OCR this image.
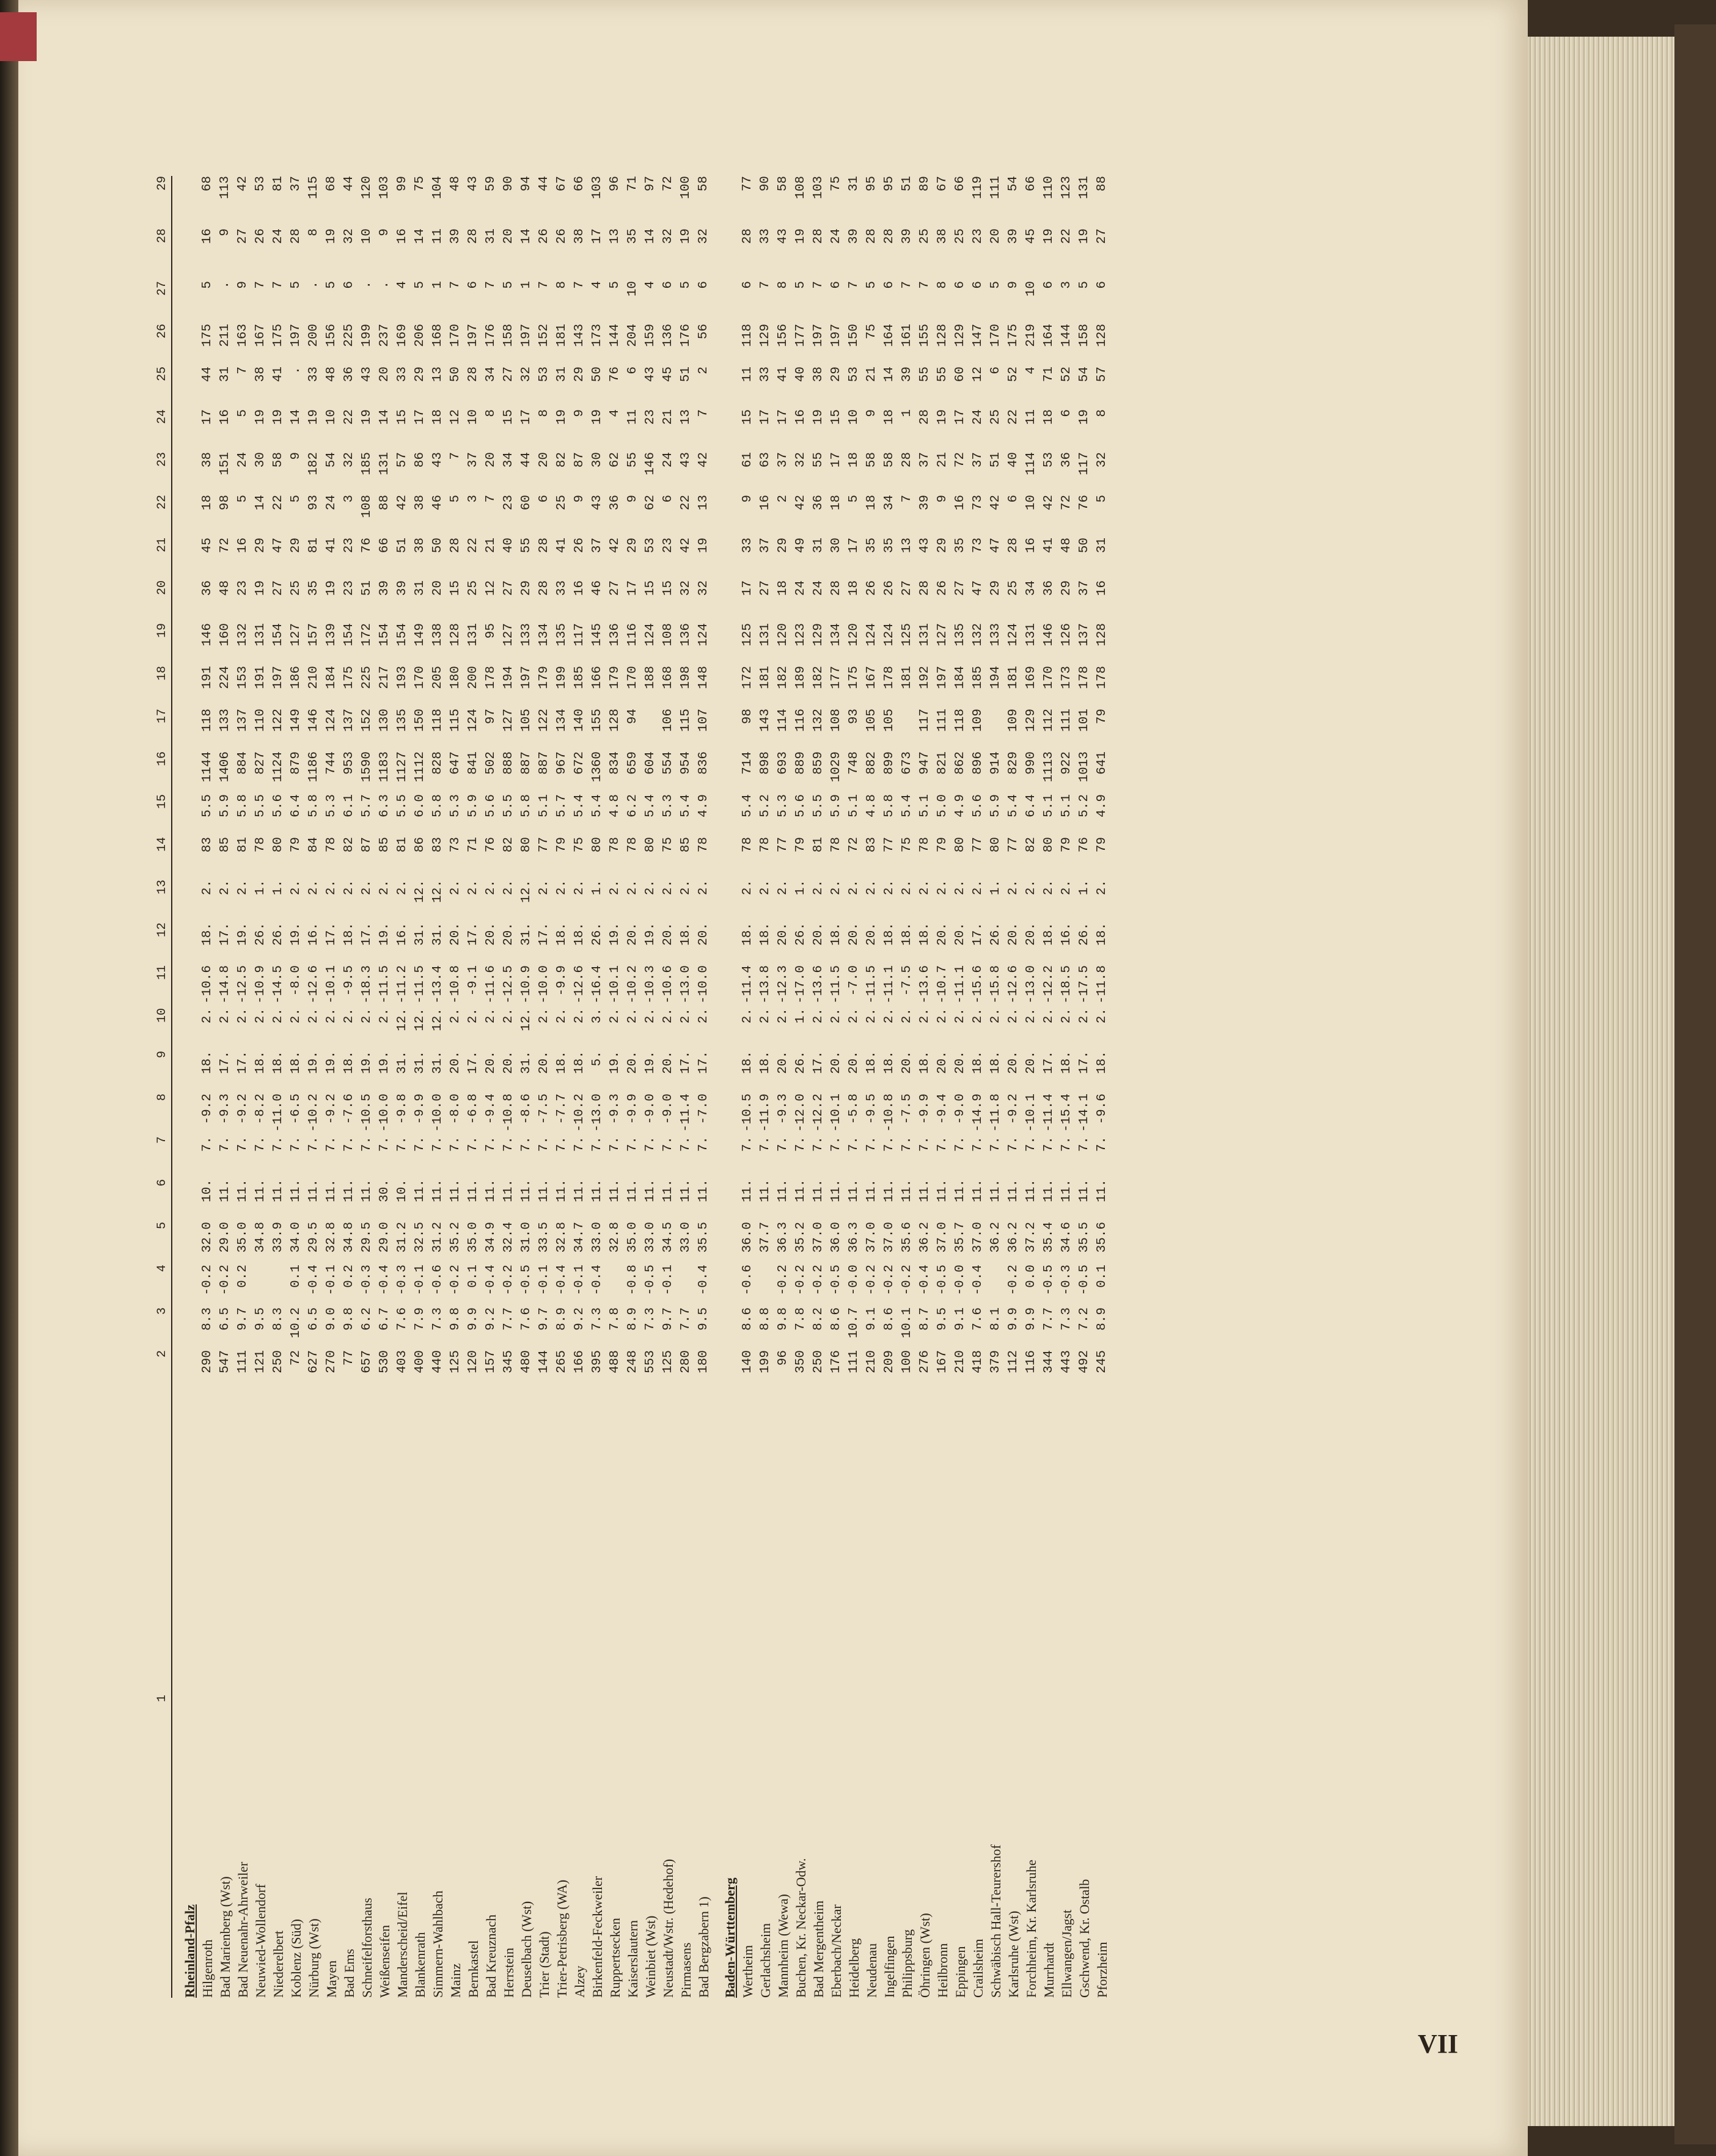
1	2	3	4	5	6	7	8	9	10	11	12	13	14	15	16	17	18	19	20	21	22	23	24	25	26	27	28	29
Rheinland-Pfalz																												
Hilgenroth	290	8.3	-0.2	32.0	10.	7.	-9.2	18.	2.	-10.6	18.	2.	83	5.5	1144	118	191	146	36	45	18	38	17	44	175	5	16	68
Bad Marienberg (Wst)	547	6.5	-0.2	29.0	11.	7.	-9.3	17.	2.	-14.8	17.	2.	85	5.9	1406	133	224	160	48	72	98	151	16	31	211	.	9	113
Bad Neuenahr-Ahrweiler	111	9.7	0.2	35.0	11.	7.	-9.2	17.	2.	-12.5	19.	2.	81	5.8	884	137	153	132	23	16	5	24	5	7	163	9	27	42
Neuwied-Wollendorf	121	9.5		34.8	11.	7.	-8.2	18.	2.	-10.9	26.	1.	78	5.5	827	110	191	131	19	29	14	30	19	38	167	7	26	53
Niederelbert	250	8.3		33.9	11.	7.	-11.0	18.	2.	-14.5	26.	1.	80	5.6	1124	122	197	154	27	47	22	58	19	41	175	7	24	81
Koblenz (Süd)	72	10.2	0.1	34.0	11.	7.	-6.5	18.	2.	-8.0	19.	2.	79	6.4	879	149	186	127	25	29	5	9	14	.	197	5	28	37
Nürburg (Wst)	627	6.5	-0.4	29.5	11.	7.	-10.2	19.	2.	-12.6	16.	2.	84	5.8	1186	146	210	157	35	81	93	182	19	33	200	.	8	115
Mayen	270	9.0	-0.1	32.8	11.	7.	-9.2	19.	2.	-10.1	17.	2.	78	5.3	744	124	184	139	19	41	24	54	10	48	156	5	19	68
Bad Ems	77	9.8	0.2	34.8	11.	7.	-7.6	18.	2.	-9.5	18.	2.	82	6.1	953	137	175	154	23	23	3	32	22	36	225	6	32	44
Schneifelforsthaus	657	6.2	-0.3	29.5	11.	7.	-10.5	19.	2.	-18.3	17.	2.	87	5.7	1590	152	225	172	51	76	108	185	19	43	199	.	10	120
Weißenseifen	530	6.7	-0.4	29.0	30.	7.	-10.0	19.	2.	-11.5	19.	2.	85	6.3	1183	130	217	154	39	66	88	131	14	20	237	.	9	103
Manderscheid/Eifel	403	7.6	-0.3	31.2	10.	7.	-9.8	31.	12.	-11.2	16.	2.	81	5.5	1127	135	193	154	39	51	42	57	15	33	169	4	16	99
Blankenrath	400	7.9	-0.1	32.5	11.	7.	-9.9	31.	12.	-11.5	31.	12.	86	6.0	1112	150	170	149	31	38	38	86	17	29	206	5	14	75
Simmern-Wahlbach	440	7.3	-0.6	31.2	11.	7.	-10.0	31.	12.	-13.4	31.	12.	83	5.8	828	118	205	138	20	50	46	43	18	13	168	1	11	104
Mainz	125	9.8	-0.2	35.2	11.	7.	-8.0	20.	2.	-10.8	20.	2.	73	5.3	647	115	180	128	15	28	5	7	12	50	170	7	39	48
Bernkastel	120	9.9	0.1	35.0	11.	7.	-6.8	17.	2.	-9.1	17.	2.	71	5.9	841	124	200	131	25	22	3	37	10	28	197	6	28	43
Bad Kreuznach	157	9.2	-0.4	34.9	11.	7.	-9.4	20.	2.	-11.6	20.	2.	76	5.6	502	97	178	95	12	21	7	20	8	34	176	7	31	59
Herrstein	345	7.7	-0.2	32.4	11.	7.	-10.8	20.	2.	-12.5	20.	2.	82	5.5	888	127	194	127	27	40	23	34	15	27	158	5	20	90
Deuselbach (Wst)	480	7.6	-0.5	31.0	11.	7.	-8.6	31.	12.	-10.9	31.	12.	80	5.8	887	105	197	133	29	55	60	44	17	32	197	1	14	94
Trier (Stadt)	144	9.7	-0.1	33.5	11.	7.	-7.5	20.	2.	-10.0	17.	2.	77	5.1	887	122	179	134	28	28	6	20	8	53	152	7	26	44
Trier-Petrisberg (WA)	265	8.9	-0.4	32.8	11.	7.	-7.7	18.	2.	-9.9	18.	2.	79	5.7	967	134	199	135	33	41	25	82	19	31	181	8	26	67
Alzey	166	9.2	-0.1	34.7	11.	7.	-10.2	18.	2.	-12.6	18.	2.	75	5.4	672	140	185	117	16	26	9	87	9	29	143	7	38	66
Birkenfeld-Feckweiler	395	7.3	-0.4	33.0	11.	7.	-13.0	5.	3.	-16.4	26.	1.	80	5.4	1360	155	166	145	46	37	43	30	19	50	173	4	17	103
Ruppertsecken	488	7.8		32.8	11.	7.	-9.3	19.	2.	-10.1	19.	2.	78	4.8	834	128	179	136	27	42	36	62	4	76	144	5	13	96
Kaiserslautern	248	8.9	-0.8	35.0	11.	7.	-9.9	20.	2.	-10.2	20.	2.	78	6.2	659	94	170	116	17	29	9	55	11	6	204	10	35	71
Weinbiet (Wst)	553	7.3	-0.5	33.0	11.	7.	-9.0	19.	2.	-10.3	19.	2.	80	5.4	604		188	124	15	53	62	146	23	43	159	4	14	97
Neustadt/Wstr. (Hedehof)	125	9.7	-0.1	34.5	11.	7.	-9.0	20.	2.	-10.6	20.	2.	75	5.3	554	106	168	108	15	23	6	24	21	45	136	6	32	72
Pirmasens	280	7.7		33.0	11.	7.	-11.4	17.	2.	-13.0	18.	2.	85	5.4	954	115	198	136	32	42	22	43	13	51	176	5	19	100
Bad Bergzabern 1)	180	9.5	-0.4	35.5	11.	7.	-7.0	17.	2.	-10.0	20.	2.	78	4.9	836	107	148	124	32	19	13	42	7	2	56	6	32	58
Baden-Württemberg																												
Wertheim	140	8.6	-0.6	36.0	11.	7.	-10.5	18.	2.	-11.4	18.	2.	78	5.4	714	98	172	125	17	33	9	61	15	11	118	6	28	77
Gerlachsheim	199	8.8		37.7	11.	7.	-11.9	18.	2.	-13.8	18.	2.	78	5.2	898	143	181	131	27	37	16	63	17	33	129	7	33	90
Mannheim (Wewa)	96	9.8	-0.2	36.3	11.	7.	-9.3	20.	2.	-12.3	20.	2.	77	5.3	693	114	182	120	18	29	2	37	17	41	156	8	43	58
Buchen, Kr. Neckar-Odw.	350	7.8	-0.2	35.2	11.	7.	-12.0	26.	1.	-17.0	26.	1.	79	5.6	889	116	189	123	24	49	42	32	16	40	177	5	19	108
Bad Mergentheim	250	8.2	-0.2	37.0	11.	7.	-12.2	17.	2.	-13.6	20.	2.	81	5.5	859	132	182	129	24	31	36	55	19	38	197	7	28	103
Eberbach/Neckar	176	8.6	-0.5	36.0	11.	7.	-10.1	20.	2.	-11.5	18.	2.	78	5.9	1029	108	177	134	28	30	18	17	15	29	197	6	24	75
Heidelberg	111	10.7	-0.0	36.3	11.	7.	-5.8	20.	2.	-7.0	20.	2.	72	5.1	748	93	175	120	18	17	5	18	10	53	150	7	39	31
Neudenau	210	9.1	-0.2	37.0	11.	7.	-9.5	18.	2.	-11.5	20.	2.	83	4.8	882	105	167	124	26	35	18	58	9	21	75	5	28	95
Ingelfingen	209	8.6	-0.2	37.0	11.	7.	-10.8	18.	2.	-11.1	18.	2.	77	5.8	899	105	178	124	26	35	34	58	18	14	164	6	28	95
Philippsburg	100	10.1	-0.2	35.6	11.	7.	-7.5	20.	2.	-7.5	18.	2.	75	5.4	673		181	125	27	13	7	28	1	39	161	7	39	51
Öhringen (Wst)	276	8.7	-0.4	36.2	11.	7.	-9.9	18.	2.	-13.6	18.	2.	78	5.1	947	117	192	131	28	43	39	37	28	55	155	7	25	89
Heilbronn	167	9.5	-0.5	37.0	11.	7.	-9.4	20.	2.	-10.7	20.	2.	79	5.0	821	111	197	127	26	29	9	21	19	55	128	8	38	67
Eppingen	210	9.1	-0.0	35.7	11.	7.	-9.0	20.	2.	-11.1	20.	2.	80	4.9	862	118	184	135	27	35	16	72	17	60	129	6	25	66
Crailsheim	418	7.6	-0.4	37.0	11.	7.	-14.9	18.	2.	-15.6	17.	2.	77	5.6	896	109	185	132	47	73	73	37	24	12	147	6	23	119
Schwäbisch Hall-Teurershof	379	8.1		36.2	11.	7.	-11.8	18.	2.	-15.8	26.	1.	80	5.9	914		194	133	29	47	42	51	25	6	170	5	20	111
Karlsruhe (Wst)	112	9.9	-0.2	36.2	11.	7.	-9.2	20.	2.	-12.6	20.	2.	77	5.4	829	109	181	124	25	28	6	40	22	52	175	9	39	54
Forchheim, Kr. Karlsruhe	116	9.9	0.0	37.2	11.	7.	-10.1	20.	2.	-13.0	20.	2.	82	6.4	990	129	169	131	34	16	10	114	11	4	219	10	45	66
Murrhardt	344	7.7	-0.5	35.4	11.	7.	-11.4	17.	2.	-12.2	18.	2.	80	5.1	1113	112	170	146	36	41	42	53	18	71	164	6	19	110
Ellwangen/Jagst	443	7.3	-0.3	34.6	11.	7.	-15.4	18.	2.	-18.5	16.	2.	79	5.1	922	111	173	126	29	48	72	36	6	52	144	3	22	123
Gschwend, Kr. Ostalb	492	7.2	-0.5	35.5	11.	7.	-14.1	17.	2.	-17.5	26.	1.	76	5.2	1013	101	178	137	37	50	76	117	19	54	158	5	19	131
Pforzheim	245	8.9	0.1	35.6	11.	7.	-9.6	18.	2.	-11.8	18.	2.	79	4.9	641	79	178	128	16	31	5	32	8	57	128	6	27	88
VII
